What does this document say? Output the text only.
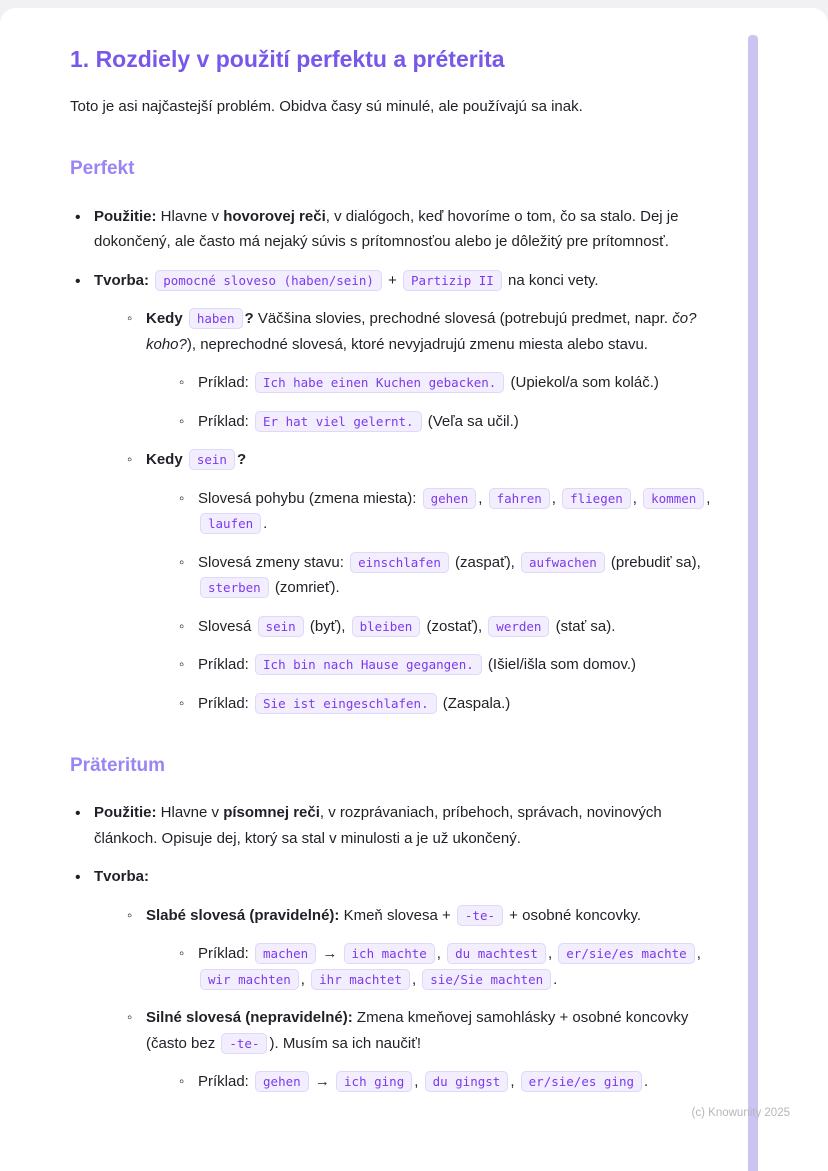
1. Rozdiely v použití perfektu a préterita

Toto je asi najčastejší problém. Obidva časy sú minulé, ale používajú sa inak.

Perfekt
• Použitie: Hlavne v hovorovej reči, v dialógoch, keď hovoríme o tom, čo sa stalo. Dej je dokončený, ale často má nejaký súvis s prítomnosťou alebo je dôležitý pre prítomnosť.
• Tvorba: pomocné sloveso (haben/sein) + Partizip II na konci vety.
◦ Kedy haben ? Väčšina slovies, prechodné slovesá (potrebujú predmet, napr. čo? koho?), neprechodné slovesá, ktoré nevyjadrujú zmenu miesta alebo stavu.
◦ Príklad: Ich habe einen Kuchen gebacken. (Upiekol/a som koláč.)
◦ Príklad: Er hat viel gelernt. (Veľa sa učil.)
◦ Kedy sein ?
◦ Slovesá pohybu (zmena miesta): gehen , fahren , fliegen , kommen , laufen .
◦ Slovesá zmeny stavu: einschlafen (zaspať), aufwachen (prebudiť sa), sterben (zomrieť).
◦ Slovesá sein (byť), bleiben (zostať), werden (stať sa).
◦ Príklad: Ich bin nach Hause gegangen. (Išiel/išla som domov.)
◦ Príklad: Sie ist eingeschlafen. (Zaspala.)
Präteritum
• Použitie: Hlavne v písomnej reči, v rozprávaniach, príbehoch, správach, novinových článkoch. Opisuje dej, ktorý sa stal v minulosti a je už ukončený.
• Tvorba:
◦ Slabé slovesá (pravidelné): Kmeň slovesa + -te- + osobné koncovky.
◦ Príklad: machen → ich machte , du machtest , er/sie/es machte , wir machten , ihr machtet , sie/Sie machten .
◦ Silné slovesá (nepravidelné): Zmena kmeňovej samohlásky + osobné koncovky (často bez -te- ). Musím sa ich naučiť!
◦ Príklad: gehen → ich ging , du gingst , er/sie/es ging .
(c) Knowunity 2025
